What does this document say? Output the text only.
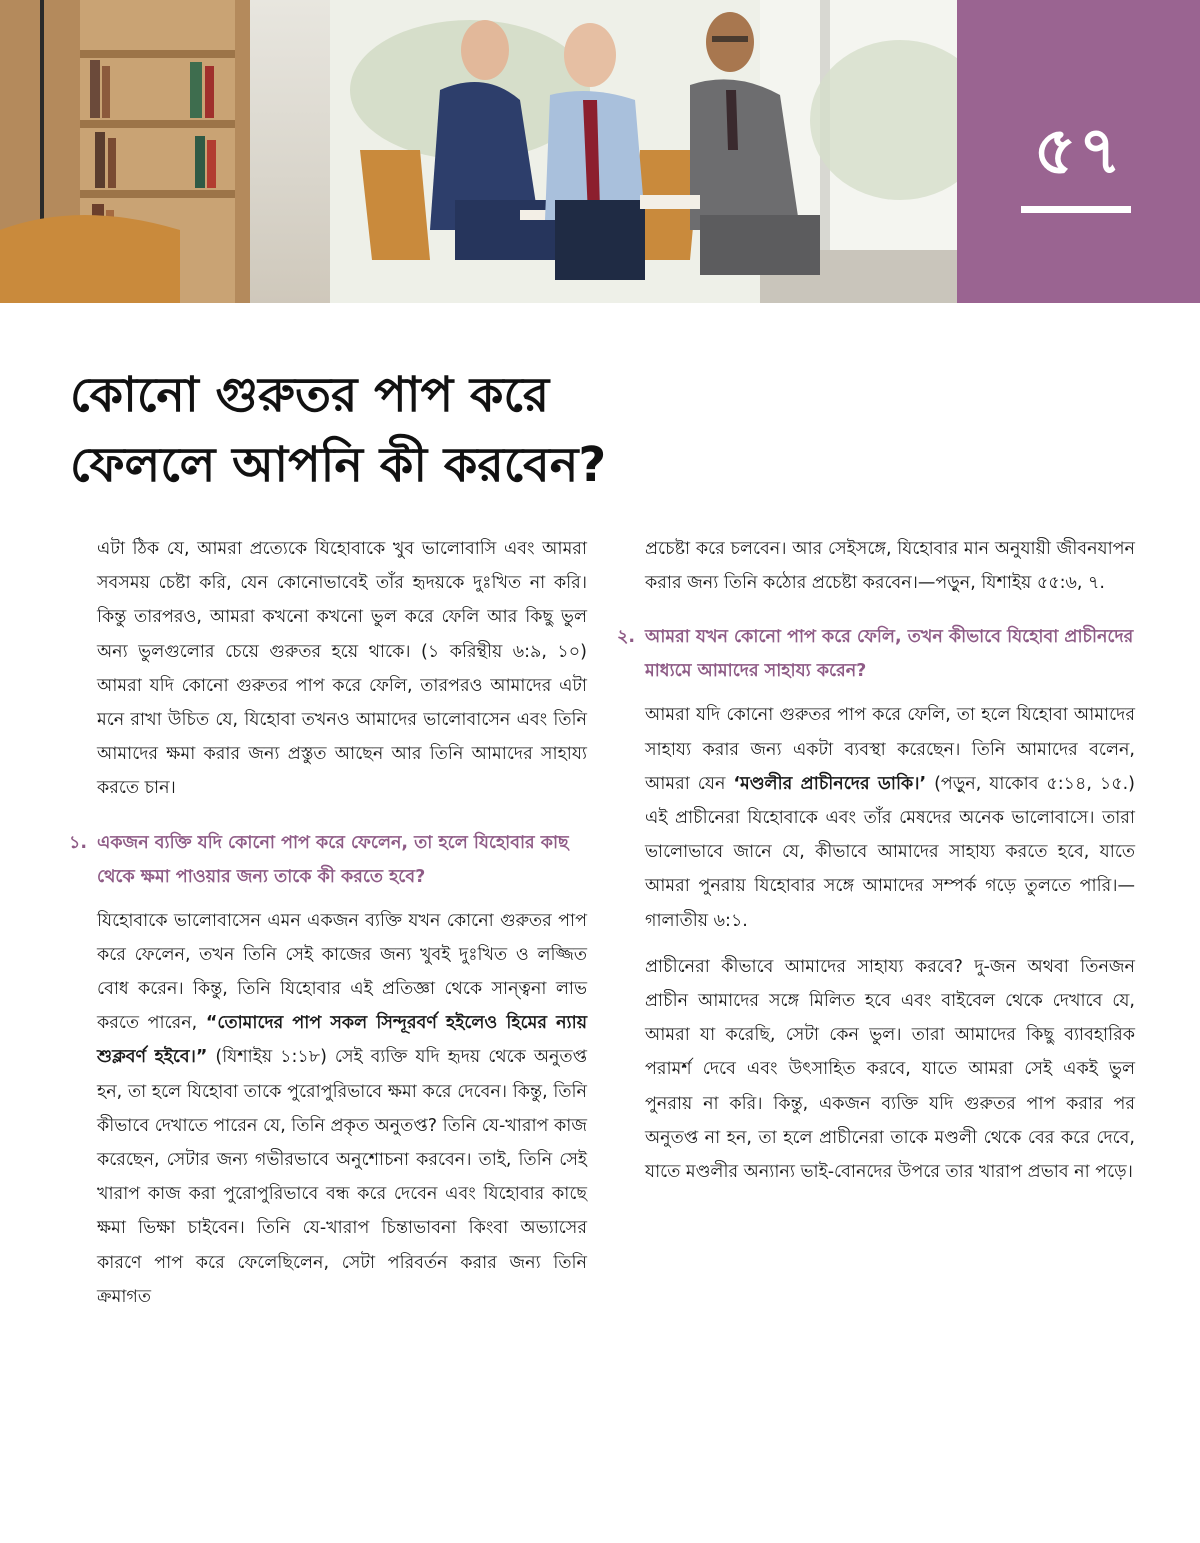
৫৭
কোনো গুরুতর পাপ করে
ফেললে আপনি কী করবেন?

এটা ঠিক যে, আমরা প্রত্যেকে যিহোবাকে খুব ভালোবাসি এবং আমরা সবসময় চেষ্টা করি, যেন কোনোভাবেই তাঁর হৃদয়কে দুঃখিত না করি। কিন্তু তারপরও, আমরা কখনো কখনো ভুল করে ফেলি আর কিছু ভুল অন্য ভুলগুলোর চেয়ে গুরুতর হয়ে থাকে। (১ করিন্থীয় ৬:৯, ১০) আমরা যদি কোনো গুরুতর পাপ করে ফেলি, তারপরও আমাদের এটা মনে রাখা উচিত যে, যিহোবা তখনও আমাদের ভালোবাসেন এবং তিনি আমাদের ক্ষমা করার জন্য প্রস্তুত আছেন আর তিনি আমাদের সাহায্য করতে চান।

১. একজন ব্যক্তি যদি কোনো পাপ করে ফেলেন, তা হলে যিহোবার কাছ থেকে ক্ষমা পাওয়ার জন্য তাকে কী করতে হবে?

যিহোবাকে ভালোবাসেন এমন একজন ব্যক্তি যখন কোনো গুরুতর পাপ করে ফেলেন, তখন তিনি সেই কাজের জন্য খুবই দুঃখিত ও লজ্জিত বোধ করেন। কিন্তু, তিনি যিহোবার এই প্রতিজ্ঞা থেকে সান্ত্বনা লাভ করতে পারেন, “তোমাদের পাপ সকল সিন্দূরবর্ণ হইলেও হিমের ন্যায় শুক্লবর্ণ হইবে।” (যিশাইয় ১:১৮) সেই ব্যক্তি যদি হৃদয় থেকে অনুতপ্ত হন, তা হলে যিহোবা তাকে পুরোপুরিভাবে ক্ষমা করে দেবেন। কিন্তু, তিনি কীভাবে দেখাতে পারেন যে, তিনি প্রকৃত অনুতপ্ত? তিনি যে-খারাপ কাজ করেছেন, সেটার জন্য গভীরভাবে অনুশোচনা করবেন। তাই, তিনি সেই খারাপ কাজ করা পুরোপুরিভাবে বন্ধ করে দেবেন এবং যিহোবার কাছে ক্ষমা ভিক্ষা চাইবেন। তিনি যে-খারাপ চিন্তাভাবনা কিংবা অভ্যাসের কারণে পাপ করে ফেলেছিলেন, সেটা পরিবর্তন করার জন্য তিনি ক্রমাগত

প্রচেষ্টা করে চলবেন। আর সেইসঙ্গে, যিহোবার মান অনুযায়ী জীবনযাপন করার জন্য তিনি কঠোর প্রচেষ্টা করবেন।—পড়ুন, যিশাইয় ৫৫:৬, ৭.

২. আমরা যখন কোনো পাপ করে ফেলি, তখন কীভাবে যিহোবা প্রাচীনদের মাধ্যমে আমাদের সাহায্য করেন?

আমরা যদি কোনো গুরুতর পাপ করে ফেলি, তা হলে যিহোবা আমাদের সাহায্য করার জন্য একটা ব্যবস্থা করেছেন। তিনি আমাদের বলেন, আমরা যেন ‘মণ্ডলীর প্রাচীনদের ডাকি।’ (পড়ুন, যাকোব ৫:১৪, ১৫.) এই প্রাচীনেরা যিহোবাকে এবং তাঁর মেষদের অনেক ভালোবাসে। তারা ভালোভাবে জানে যে, কীভাবে আমাদের সাহায্য করতে হবে, যাতে আমরা পুনরায় যিহোবার সঙ্গে আমাদের সম্পর্ক গড়ে তুলতে পারি।—গালাতীয় ৬:১.

প্রাচীনেরা কীভাবে আমাদের সাহায্য করবে? দু-জন অথবা তিনজন প্রাচীন আমাদের সঙ্গে মিলিত হবে এবং বাইবেল থেকে দেখাবে যে, আমরা যা করেছি, সেটা কেন ভুল। তারা আমাদের কিছু ব্যাবহারিক পরামর্শ দেবে এবং উৎসাহিত করবে, যাতে আমরা সেই একই ভুল পুনরায় না করি। কিন্তু, একজন ব্যক্তি যদি গুরুতর পাপ করার পর অনুতপ্ত না হন, তা হলে প্রাচীনেরা তাকে মণ্ডলী থেকে বের করে দেবে, যাতে মণ্ডলীর অন্যান্য ভাই-বোনদের উপরে তার খারাপ প্রভাব না পড়ে।
